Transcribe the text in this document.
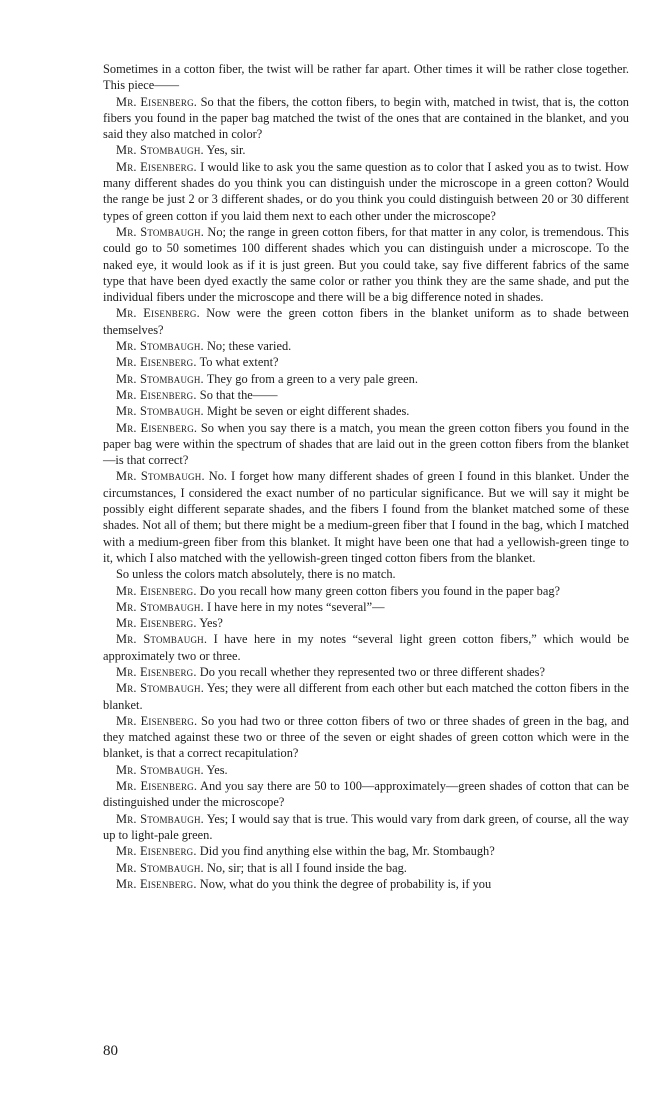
Sometimes in a cotton fiber, the twist will be rather far apart. Other times it will be rather close together. This piece——

Mr. Eisenberg. So that the fibers, the cotton fibers, to begin with, matched in twist, that is, the cotton fibers you found in the paper bag matched the twist of the ones that are contained in the blanket, and you said they also matched in color?

Mr. Stombaugh. Yes, sir.

Mr. Eisenberg. I would like to ask you the same question as to color that I asked you as to twist. How many different shades do you think you can distinguish under the microscope in a green cotton? Would the range be just 2 or 3 different shades, or do you think you could distinguish between 20 or 30 different types of green cotton if you laid them next to each other under the microscope?

Mr. Stombaugh. No; the range in green cotton fibers, for that matter in any color, is tremendous. This could go to 50 sometimes 100 different shades which you can distinguish under a microscope. To the naked eye, it would look as if it is just green. But you could take, say five different fabrics of the same type that have been dyed exactly the same color or rather you think they are the same shade, and put the individual fibers under the microscope and there will be a big difference noted in shades.

Mr. Eisenberg. Now were the green cotton fibers in the blanket uniform as to shade between themselves?

Mr. Stombaugh. No; these varied.

Mr. Eisenberg. To what extent?

Mr. Stombaugh. They go from a green to a very pale green.

Mr. Eisenberg. So that the——

Mr. Stombaugh. Might be seven or eight different shades.

Mr. Eisenberg. So when you say there is a match, you mean the green cotton fibers you found in the paper bag were within the spectrum of shades that are laid out in the green cotton fibers from the blanket—is that correct?

Mr. Stombaugh. No. I forget how many different shades of green I found in this blanket. Under the circumstances, I considered the exact number of no particular significance. But we will say it might be possibly eight different separate shades, and the fibers I found from the blanket matched some of these shades. Not all of them; but there might be a medium-green fiber that I found in the bag, which I matched with a medium-green fiber from this blanket. It might have been one that had a yellowish-green tinge to it, which I also matched with the yellowish-green tinged cotton fibers from the blanket.

So unless the colors match absolutely, there is no match.

Mr. Eisenberg. Do you recall how many green cotton fibers you found in the paper bag?

Mr. Stombaugh. I have here in my notes “several”—

Mr. Eisenberg. Yes?

Mr. Stombaugh. I have here in my notes “several light green cotton fibers,” which would be approximately two or three.

Mr. Eisenberg. Do you recall whether they represented two or three different shades?

Mr. Stombaugh. Yes; they were all different from each other but each matched the cotton fibers in the blanket.

Mr. Eisenberg. So you had two or three cotton fibers of two or three shades of green in the bag, and they matched against these two or three of the seven or eight shades of green cotton which were in the blanket, is that a correct recapitulation?

Mr. Stombaugh. Yes.

Mr. Eisenberg. And you say there are 50 to 100—approximately—green shades of cotton that can be distinguished under the microscope?

Mr. Stombaugh. Yes; I would say that is true. This would vary from dark green, of course, all the way up to light-pale green.

Mr. Eisenberg. Did you find anything else within the bag, Mr. Stombaugh?

Mr. Stombaugh. No, sir; that is all I found inside the bag.

Mr. Eisenberg. Now, what do you think the degree of probability is, if you

80
